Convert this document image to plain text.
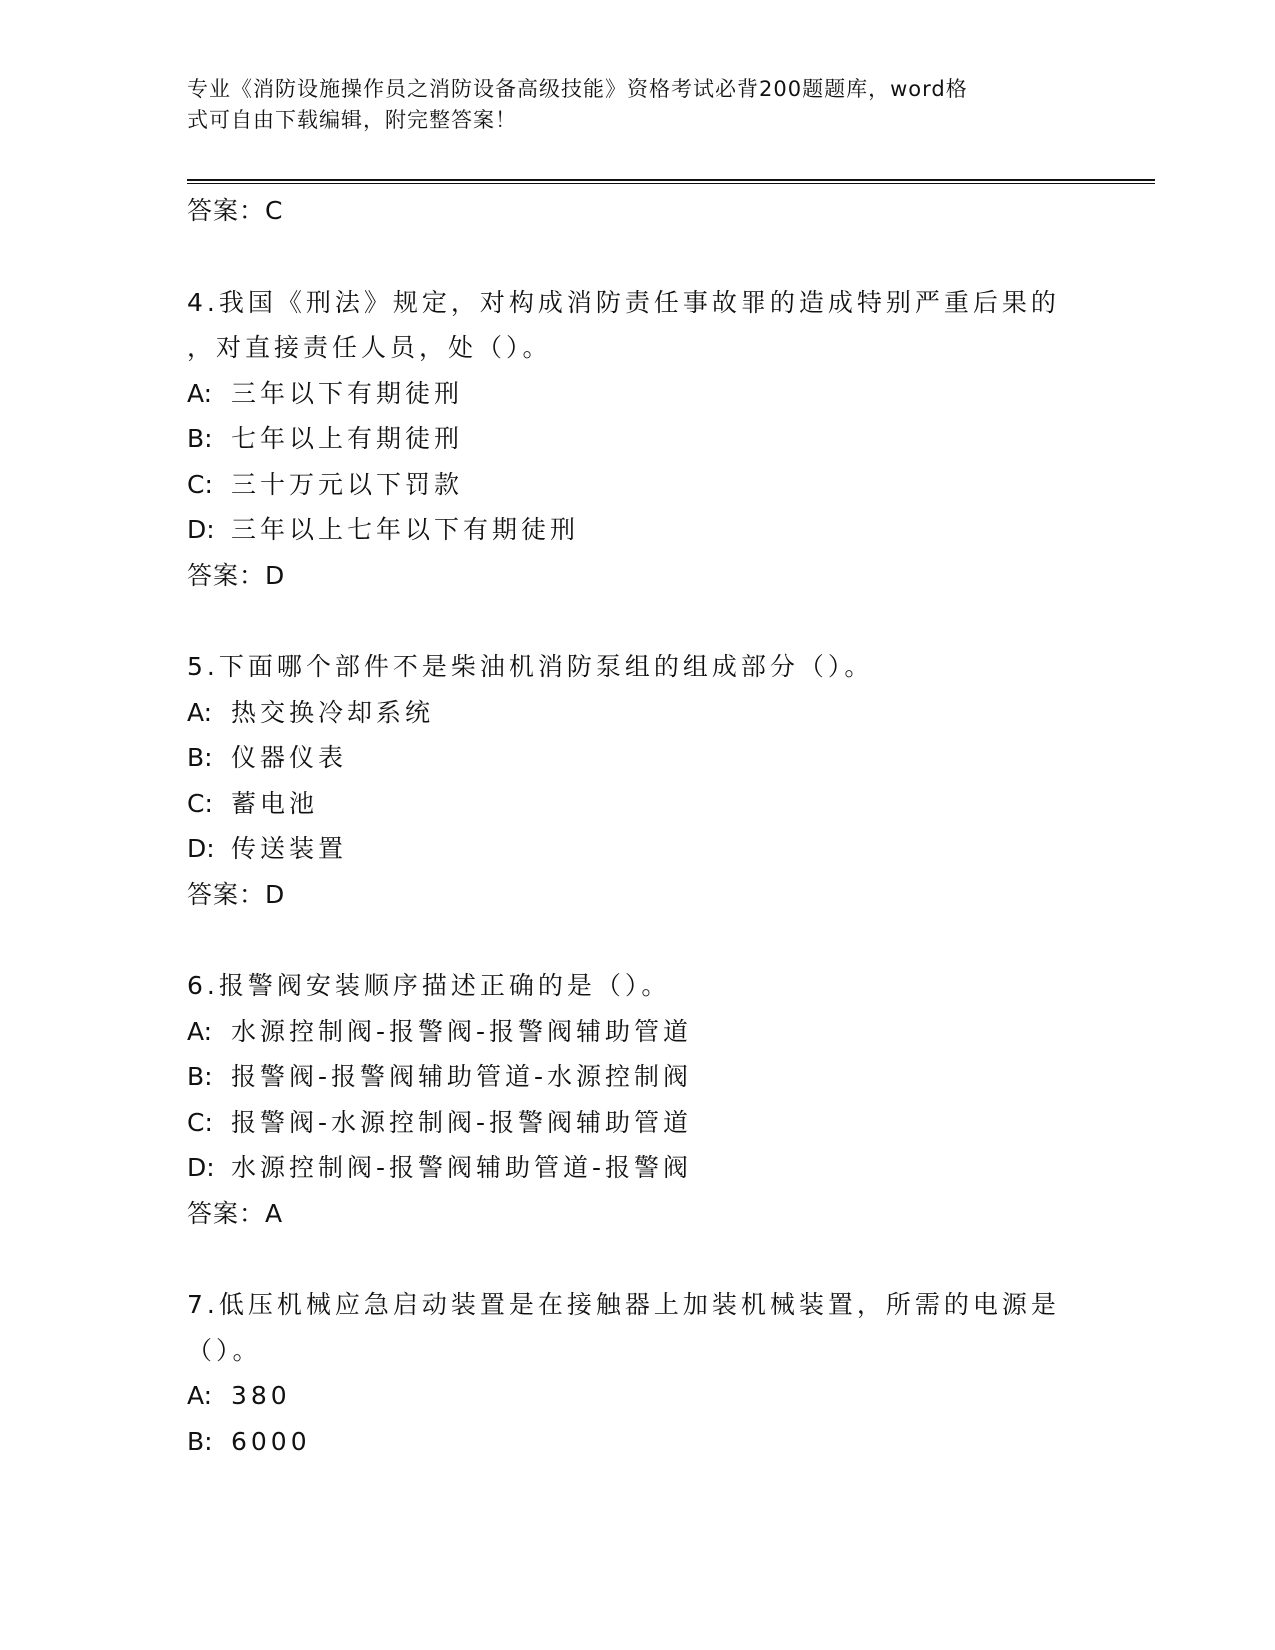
专业《消防设施操作员之消防设备高级技能》资格考试必背200题题库，word格
式可自由下载编辑，附完整答案！
答案：C
4.我国《刑法》规定，对构成消防责任事故罪的造成特别严重后果的
，对直接责任人员，处（）。
A: 三年以下有期徒刑
B: 七年以上有期徒刑
C: 三十万元以下罚款
D: 三年以上七年以下有期徒刑
答案：D
5.下面哪个部件不是柴油机消防泵组的组成部分（）。
A: 热交换冷却系统
B: 仪器仪表
C: 蓄电池
D: 传送装置
答案：D
6.报警阀安装顺序描述正确的是（）。
A: 水源控制阀-报警阀-报警阀辅助管道
B: 报警阀-报警阀辅助管道-水源控制阀
C: 报警阀-水源控制阀-报警阀辅助管道
D: 水源控制阀-报警阀辅助管道-报警阀
答案：A
7.低压机械应急启动装置是在接触器上加装机械装置，所需的电源是
（）。
A: 380
B: 6000
